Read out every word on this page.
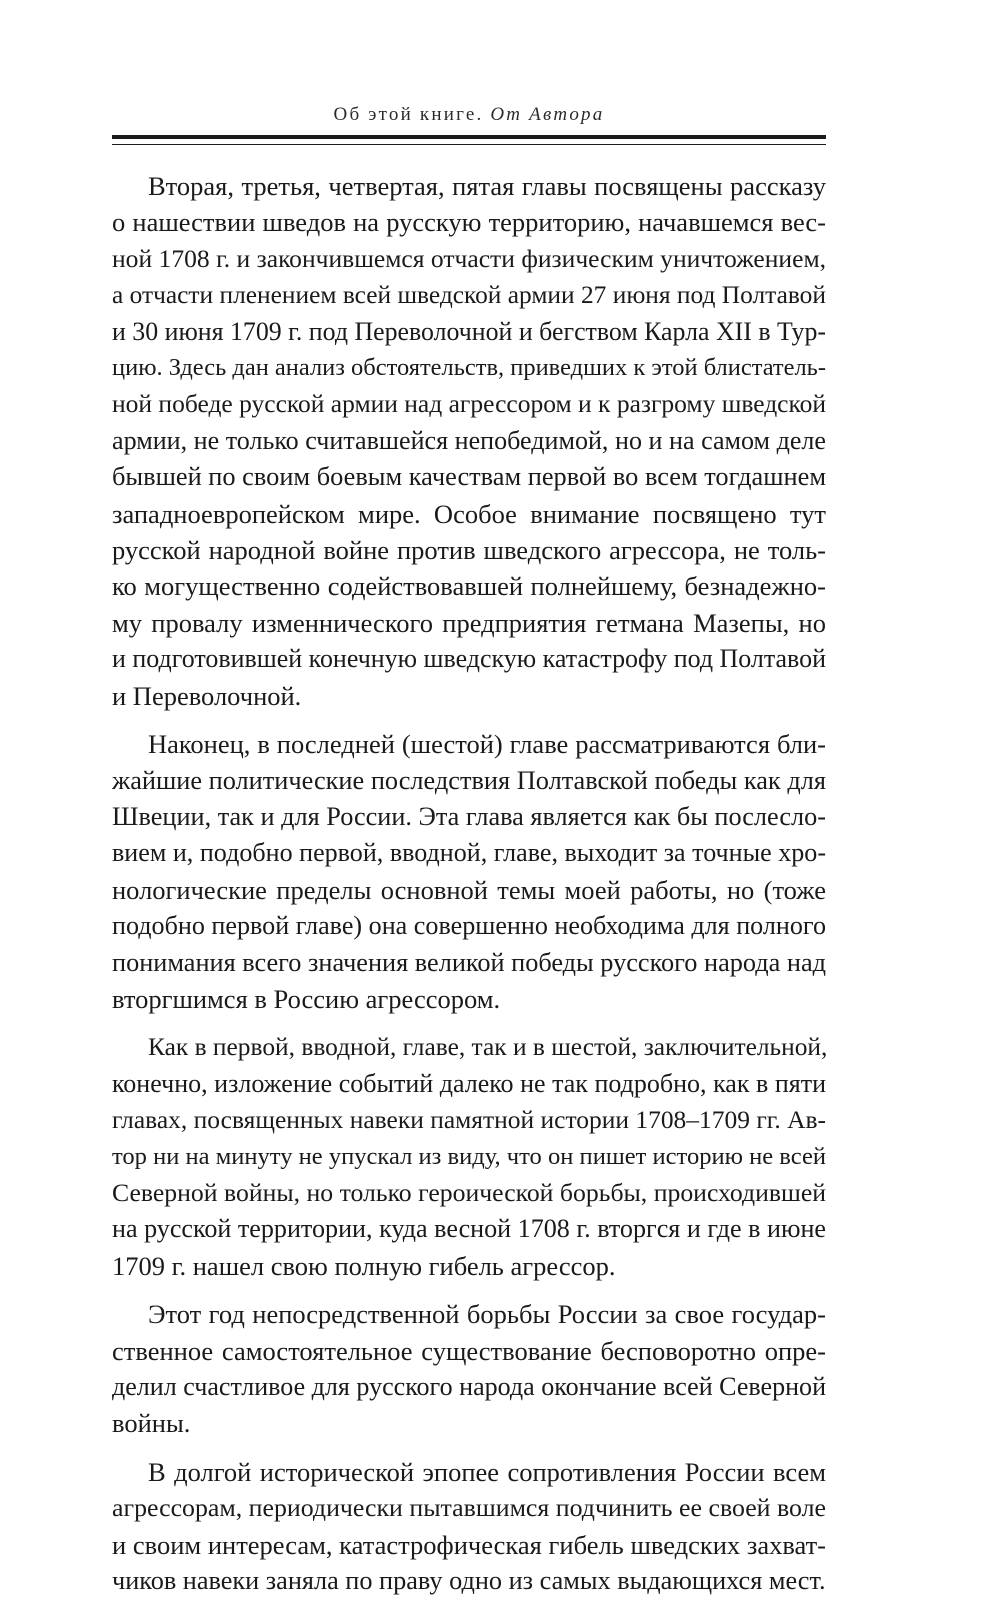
Об этой книге. От Автора

Вторая, третья, четвертая, пятая главы посвящены рассказу
о нашествии шведов на русскую территорию, начавшемся вес-
ной 1708 г. и закончившемся отчасти физическим уничтожением,
а отчасти пленением всей шведской армии 27 июня под Полтавой
и 30 июня 1709 г. под Переволочной и бегством Карла XII в Тур-
цию. Здесь дан анализ обстоятельств, приведших к этой блистатель-
ной победе русской армии над агрессором и к разгрому шведской
армии, не только считавшейся непобедимой, но и на самом деле
бывшей по своим боевым качествам первой во всем тогдашнем
западноевропейском мире. Особое внимание посвящено тут
русской народной войне против шведского агрессора, не толь-
ко могущественно содействовавшей полнейшему, безнадежно-
му провалу изменнического предприятия гетмана Мазепы, но
и подготовившей конечную шведскую катастрофу под Полтавой
и Переволочной.

Наконец, в последней (шестой) главе рассматриваются бли-
жайшие политические последствия Полтавской победы как для
Швеции, так и для России. Эта глава является как бы послесло-
вием и, подобно первой, вводной, главе, выходит за точные хро-
нологические пределы основной темы моей работы, но (тоже
подобно первой главе) она совершенно необходима для полного
понимания всего значения великой победы русского народа над
вторгшимся в Россию агрессором.

Как в первой, вводной, главе, так и в шестой, заключительной,
конечно, изложение событий далеко не так подробно, как в пяти
главах, посвященных навеки памятной истории 1708–1709 гг. Ав-
тор ни на минуту не упускал из виду, что он пишет историю не всей
Северной войны, но только героической борьбы, происходившей
на русской территории, куда весной 1708 г. вторгся и где в июне
1709 г. нашел свою полную гибель агрессор.

Этот год непосредственной борьбы России за свое государ-
ственное самостоятельное существование бесповоротно опре-
делил счастливое для русского народа окончание всей Северной
войны.

В долгой исторической эпопее сопротивления России всем
агрессорам, периодически пытавшимся подчинить ее своей воле
и своим интересам, катастрофическая гибель шведских захват-
чиков навеки заняла по праву одно из самых выдающихся мест.
